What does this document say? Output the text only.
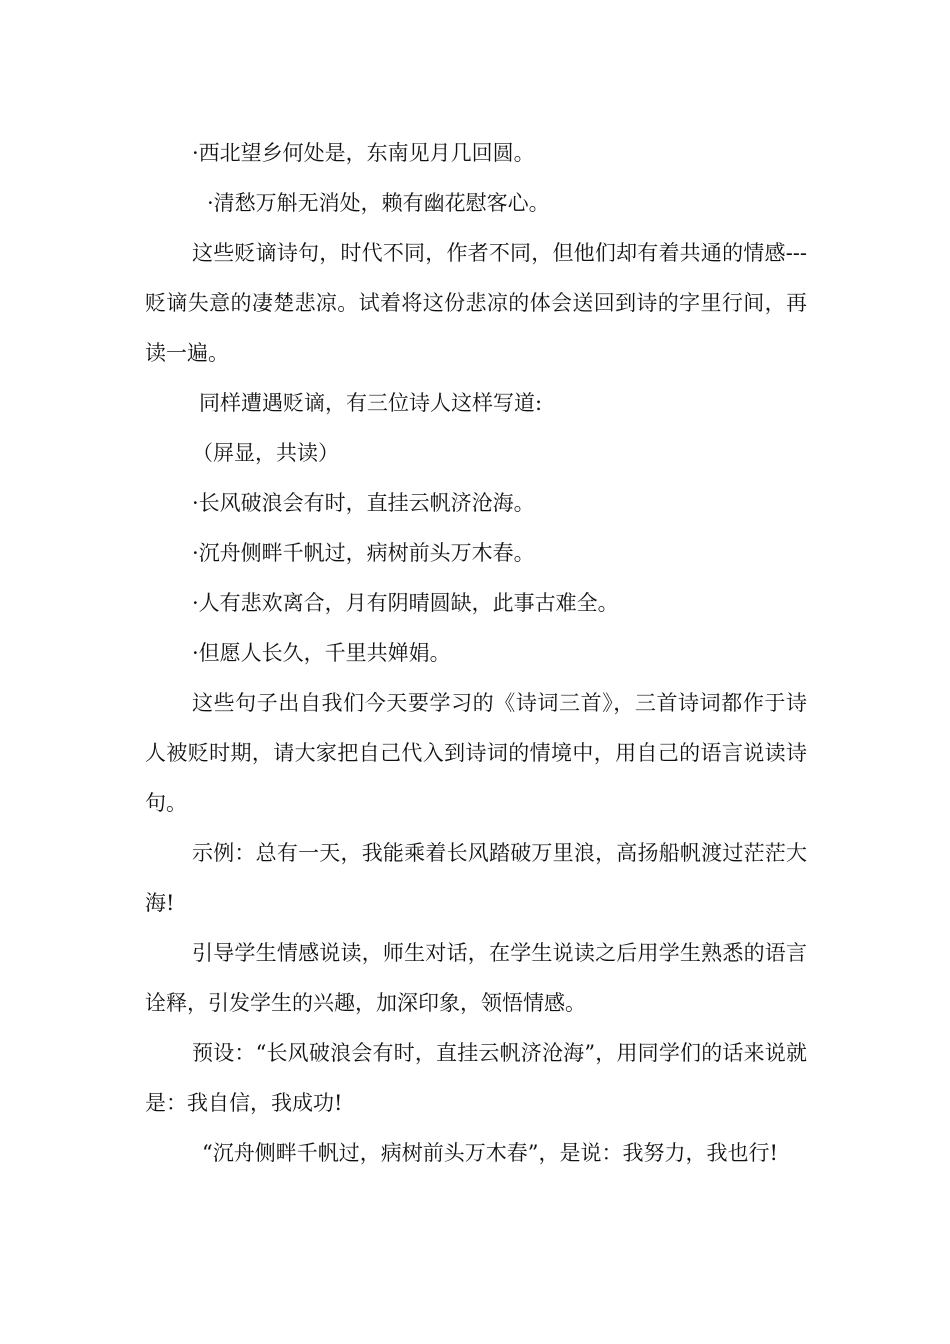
·西北望乡何处是，东南见月几回圆。
·清愁万斛无消处，赖有幽花慰客心。
这些贬谪诗句，时代不同，作者不同，但他们却有着共通的情感---贬谪失意的凄楚悲凉。试着将这份悲凉的体会送回到诗的字里行间，再读一遍。
同样遭遇贬谪，有三位诗人这样写道:
（屏显，共读）
·长风破浪会有时，直挂云帆济沧海。
·沉舟侧畔千帆过，病树前头万木春。
·人有悲欢离合，月有阴晴圆缺，此事古难全。
·但愿人长久，千里共婵娟。
这些句子出自我们今天要学习的《诗词三首》，三首诗词都作于诗人被贬时期，请大家把自己代入到诗词的情境中，用自己的语言说读诗句。
示例：总有一天，我能乘着长风踏破万里浪，高扬船帆渡过茫茫大海!
引导学生情感说读，师生对话，在学生说读之后用学生熟悉的语言诠释，引发学生的兴趣，加深印象，领悟情感。
预设：“长风破浪会有时，直挂云帆济沧海”，用同学们的话来说就是：我自信，我成功!
“沉舟侧畔千帆过，病树前头万木春”，是说：我努力，我也行!
